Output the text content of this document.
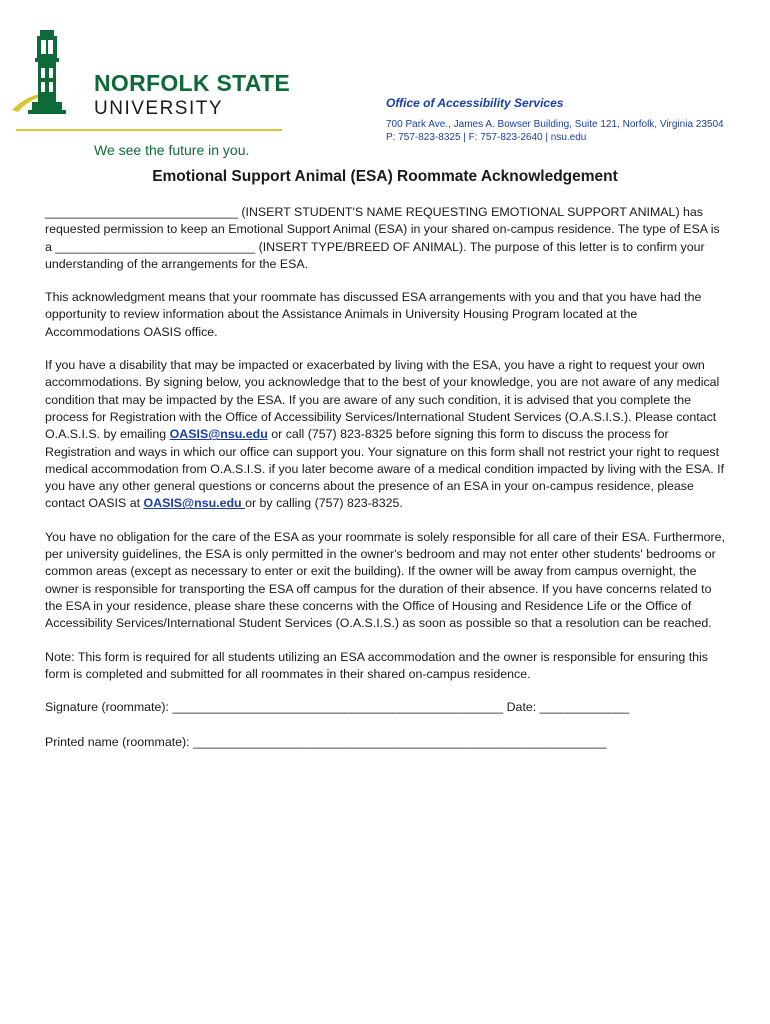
NORFOLK STATE
UNIVERSITY
We see the future in you.
Office of Accessibility Services
700 Park Ave., James A. Bowser Building, Suite 121, Norfolk, Virginia 23504
P: 757-823-8325 | F: 757-823-2640 | nsu.edu
Emotional Support Animal (ESA) Roommate Acknowledgement

____________________________ (INSERT STUDENT'S NAME REQUESTING EMOTIONAL SUPPORT ANIMAL) has requested permission to keep an Emotional Support Animal (ESA) in your shared on-campus residence. The type of ESA is a _____________________________ (INSERT TYPE/BREED OF ANIMAL). The purpose of this letter is to confirm your understanding of the arrangements for the ESA.

This acknowledgment means that your roommate has discussed ESA arrangements with you and that you have had the opportunity to review information about the Assistance Animals in University Housing Program located at the Accommodations OASIS office.

If you have a disability that may be impacted or exacerbated by living with the ESA, you have a right to request your own accommodations. By signing below, you acknowledge that to the best of your knowledge, you are not aware of any medical condition that may be impacted by the ESA. If you are aware of any such condition, it is advised that you complete the process for Registration with the Office of Accessibility Services/International Student Services (O.A.S.I.S.). Please contact O.A.S.I.S. by emailing OASIS@nsu.edu or call (757) 823-8325 before signing this form to discuss the process for Registration and ways in which our office can support you. Your signature on this form shall not restrict your right to request medical accommodation from O.A.S.I.S. if you later become aware of a medical condition impacted by living with the ESA. If you have any other general questions or concerns about the presence of an ESA in your on-campus residence, please contact OASIS at OASIS@nsu.edu or by calling (757) 823-8325.

You have no obligation for the care of the ESA as your roommate is solely responsible for all care of their ESA. Furthermore, per university guidelines, the ESA is only permitted in the owner's bedroom and may not enter other students' bedrooms or common areas (except as necessary to enter or exit the building). If the owner will be away from campus overnight, the owner is responsible for transporting the ESA off campus for the duration of their absence. If you have concerns related to the ESA in your residence, please share these concerns with the Office of Housing and Residence Life or the Office of Accessibility Services/International Student Services (O.A.S.I.S.) as soon as possible so that a resolution can be reached.

Note: This form is required for all students utilizing an ESA accommodation and the owner is responsible for ensuring this form is completed and submitted for all roommates in their shared on-campus residence.

Signature (roommate): ________________________________________________ Date: _____________
Printed name (roommate): ____________________________________________________________
